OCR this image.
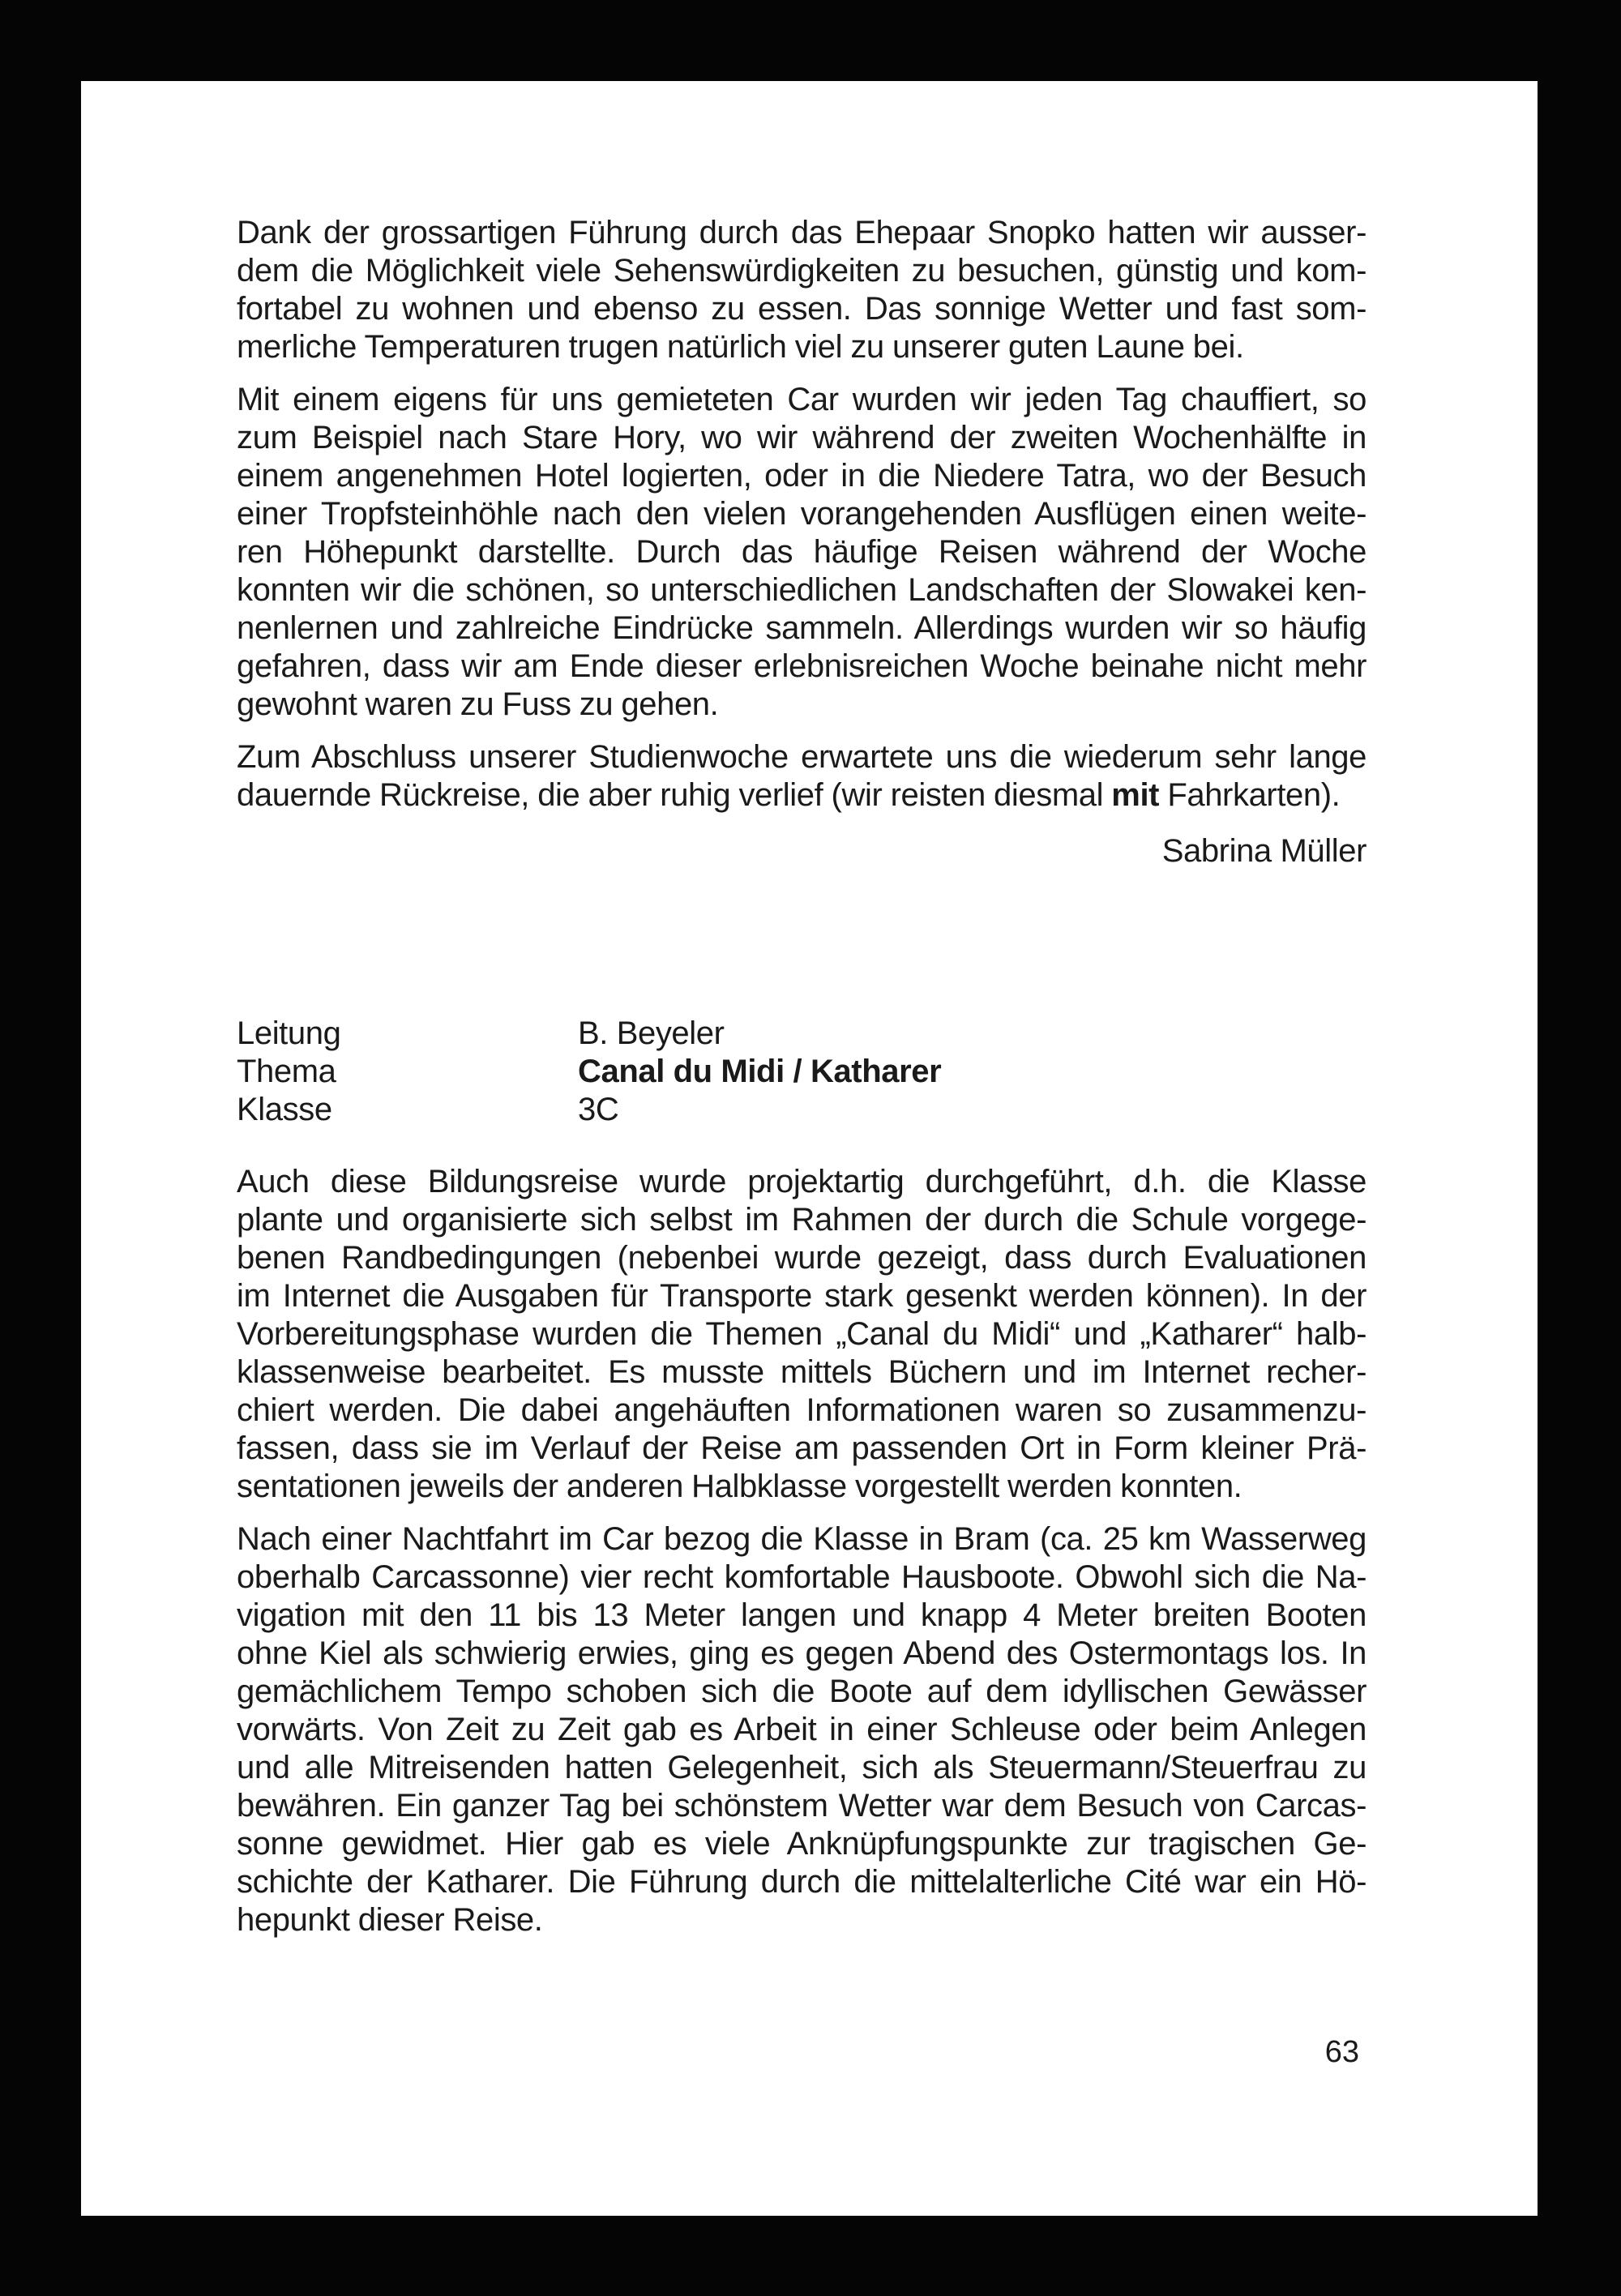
Dank der grossartigen Führung durch das Ehepaar Snopko hatten wir ausser-
dem die Möglichkeit viele Sehenswürdigkeiten zu besuchen, günstig und kom-
fortabel zu wohnen und ebenso zu essen. Das sonnige Wetter und fast som-
merliche Temperaturen trugen natürlich viel zu unserer guten Laune bei.

Mit einem eigens für uns gemieteten Car wurden wir jeden Tag chauffiert, so
zum Beispiel nach Stare Hory, wo wir während der zweiten Wochenhälfte in
einem angenehmen Hotel logierten, oder in die Niedere Tatra, wo der Besuch
einer Tropfsteinhöhle nach den vielen vorangehenden Ausflügen einen weite-
ren Höhepunkt darstellte. Durch das häufige Reisen während der Woche
konnten wir die schönen, so unterschiedlichen Landschaften der Slowakei ken-
nenlernen und zahlreiche Eindrücke sammeln. Allerdings wurden wir so häufig
gefahren, dass wir am Ende dieser erlebnisreichen Woche beinahe nicht mehr
gewohnt waren zu Fuss zu gehen.

Zum Abschluss unserer Studienwoche erwartete uns die wiederum sehr lange
dauernde Rückreise, die aber ruhig verlief (wir reisten diesmal mit Fahrkarten).

Sabrina Müller

Leitung	B. Beyeler
Thema	Canal du Midi / Katharer
Klasse	3C

Auch diese Bildungsreise wurde projektartig durchgeführt, d.h. die Klasse
plante und organisierte sich selbst im Rahmen der durch die Schule vorgege-
benen Randbedingungen (nebenbei wurde gezeigt, dass durch Evaluationen
im Internet die Ausgaben für Transporte stark gesenkt werden können). In der
Vorbereitungsphase wurden die Themen „Canal du Midi“ und „Katharer“ halb-
klassenweise bearbeitet. Es musste mittels Büchern und im Internet recher-
chiert werden. Die dabei angehäuften Informationen waren so zusammenzu-
fassen, dass sie im Verlauf der Reise am passenden Ort in Form kleiner Prä-
sentationen jeweils der anderen Halbklasse vorgestellt werden konnten.

Nach einer Nachtfahrt im Car bezog die Klasse in Bram (ca. 25 km Wasserweg
oberhalb Carcassonne) vier recht komfortable Hausboote. Obwohl sich die Na-
vigation mit den 11 bis 13 Meter langen und knapp 4 Meter breiten Booten
ohne Kiel als schwierig erwies, ging es gegen Abend des Ostermontags los. In
gemächlichem Tempo schoben sich die Boote auf dem idyllischen Gewässer
vorwärts. Von Zeit zu Zeit gab es Arbeit in einer Schleuse oder beim Anlegen
und alle Mitreisenden hatten Gelegenheit, sich als Steuermann/Steuerfrau zu
bewähren. Ein ganzer Tag bei schönstem Wetter war dem Besuch von Carcas-
sonne gewidmet. Hier gab es viele Anknüpfungspunkte zur tragischen Ge-
schichte der Katharer. Die Führung durch die mittelalterliche Cité war ein Hö-
hepunkt dieser Reise.

63
